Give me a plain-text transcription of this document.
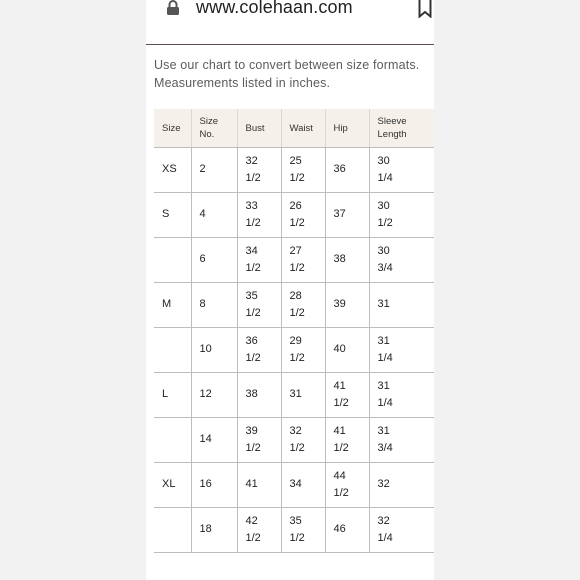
www.colehaan.com
Use our chart to convert between size formats. Measurements listed in inches.
Size	Size No.	Bust	Waist	Hip	Sleeve Length
XS	2	32 1/2	25 1/2	36	30 1/4
S	4	33 1/2	26 1/2	37	30 1/2
	6	34 1/2	27 1/2	38	30 3/4
M	8	35 1/2	28 1/2	39	31
	10	36 1/2	29 1/2	40	31 1/4
L	12	38	31	41 1/2	31 1/4
	14	39 1/2	32 1/2	41 1/2	31 3/4
XL	16	41	34	44 1/2	32
	18	42 1/2	35 1/2	46	32 1/4
